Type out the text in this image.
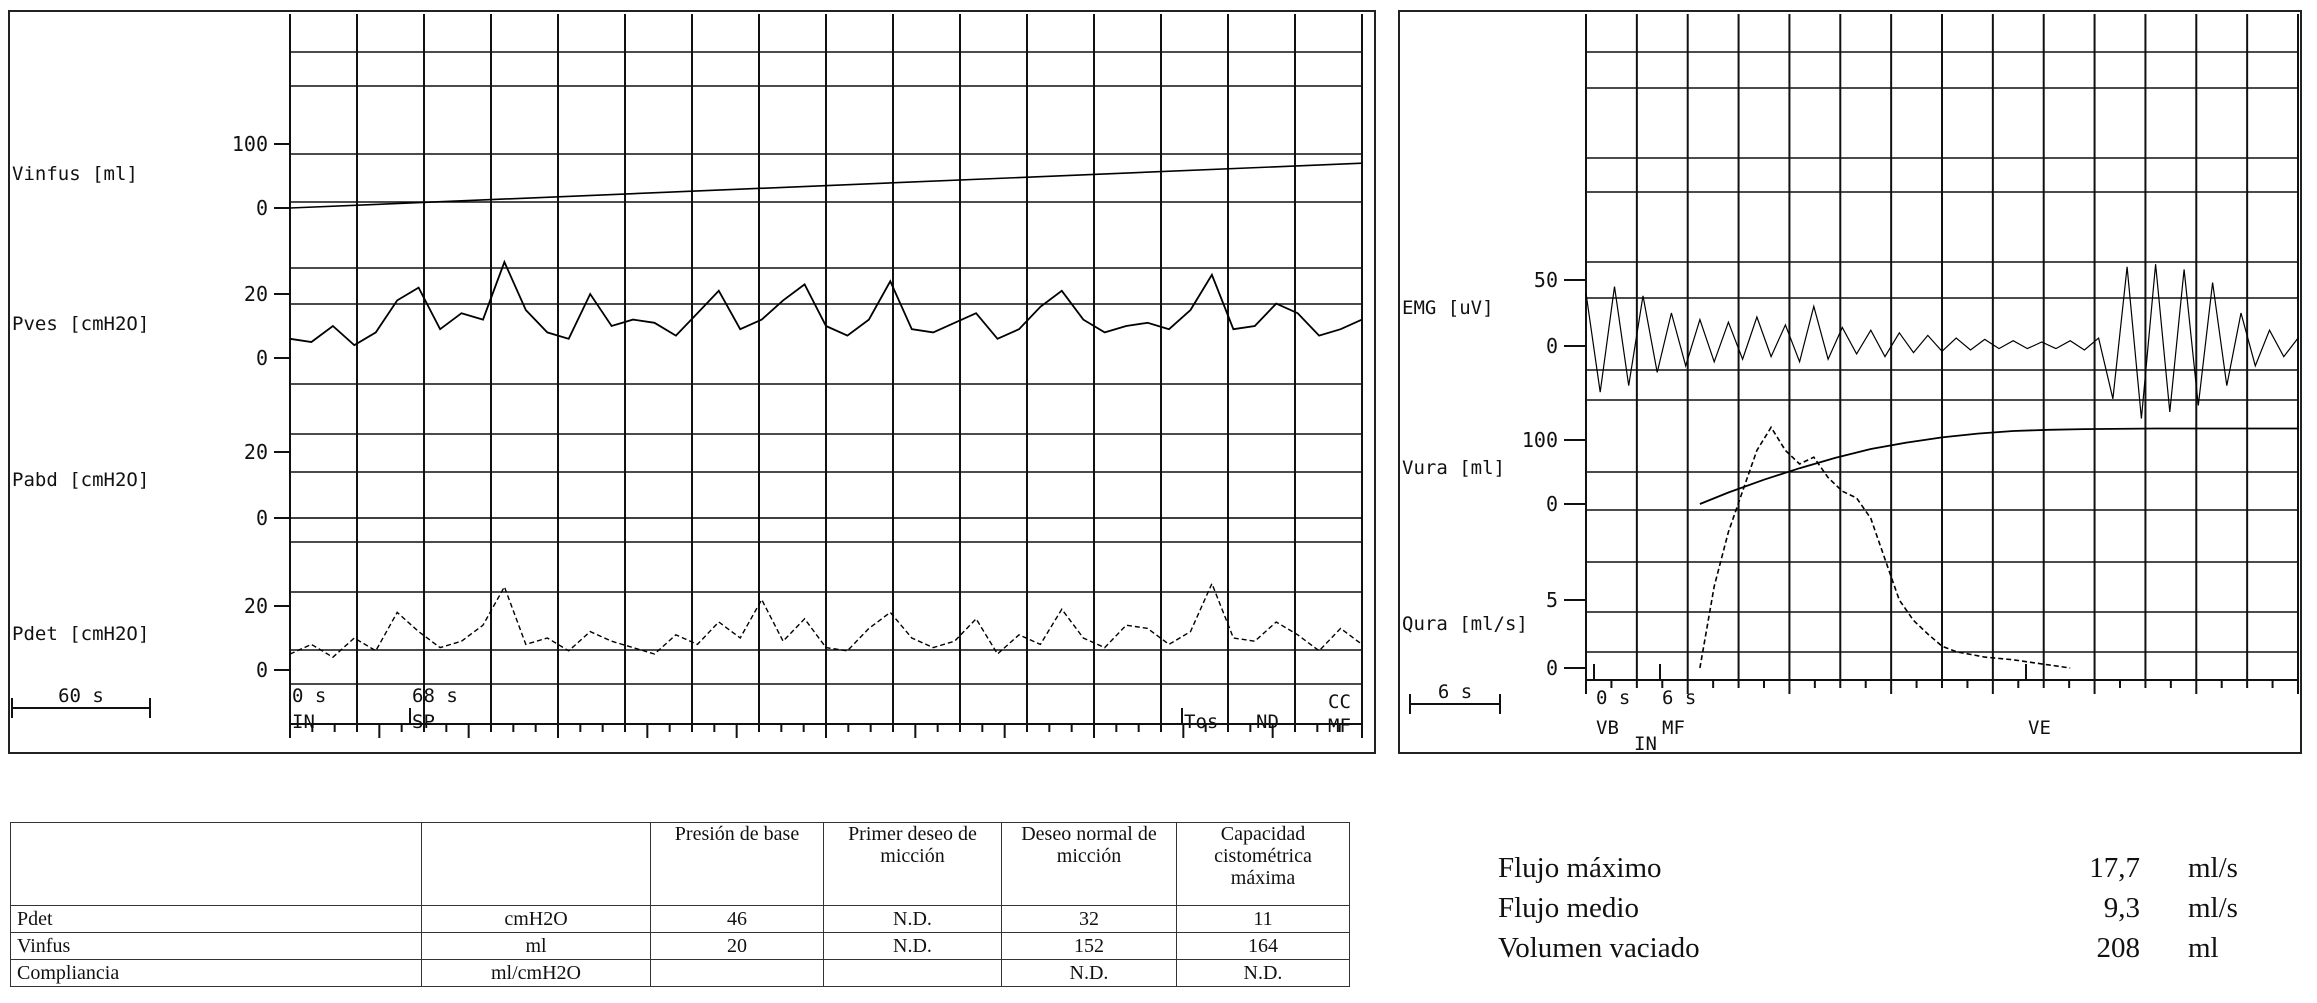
Vinfus [ml]
100
0
Pves [cmH2O]
20
0
Pabd [cmH2O]
20
0
Pdet [cmH2O]
20
0
60 s	0 s
IN
68 s
SP	Tos ND
CC
MF
EMG [uV]
50
0
Vura [ml]
100
0
Qura [ml/s]
5
0
6 s	0 s
VB
IN
6 s
MF	VE
		Presión de base	Primer deseo de micción	Deseo normal de micción	Capacidad cistométrica máxima
Pdet	cmH2O	46	N.D.	32	11
Vinfus	ml	20	N.D.	152	164
Compliancia	ml/cmH2O			N.D.	N.D.
Flujo máximo	17,7 ml/s
Flujo medio	9,3 ml/s
Volumen vaciado	208 ml
